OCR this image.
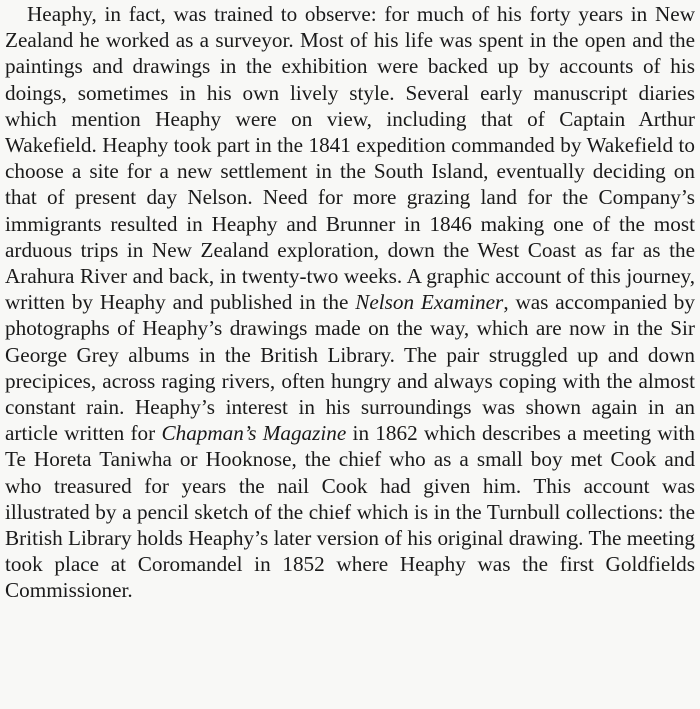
Heaphy, in fact, was trained to observe: for much of his forty years in New Zealand he worked as a surveyor. Most of his life was spent in the open and the paintings and drawings in the exhibition were backed up by accounts of his doings, sometimes in his own lively style. Several early manuscript diaries which mention Heaphy were on view, including that of Captain Arthur Wakefield. Heaphy took part in the 1841 expedition commanded by Wakefield to choose a site for a new settlement in the South Island, eventually deciding on that of present day Nelson. Need for more grazing land for the Company’s immigrants resulted in Heaphy and Brunner in 1846 making one of the most arduous trips in New Zealand exploration, down the West Coast as far as the Arahura River and back, in twenty-two weeks. A graphic account of this journey, written by Heaphy and published in the Nelson Examiner, was accompanied by photographs of Heaphy’s drawings made on the way, which are now in the Sir George Grey albums in the British Library. The pair struggled up and down precipices, across raging rivers, often hungry and always coping with the almost constant rain. Heaphy’s interest in his surroundings was shown again in an article written for Chapman’s Magazine in 1862 which describes a meeting with Te Horeta Taniwha or Hooknose, the chief who as a small boy met Cook and who treasured for years the nail Cook had given him. This account was illustrated by a pencil sketch of the chief which is in the Turnbull collections: the British Library holds Heaphy’s later version of his original drawing. The meeting took place at Coromandel in 1852 where Heaphy was the first Goldfields Commissioner.
